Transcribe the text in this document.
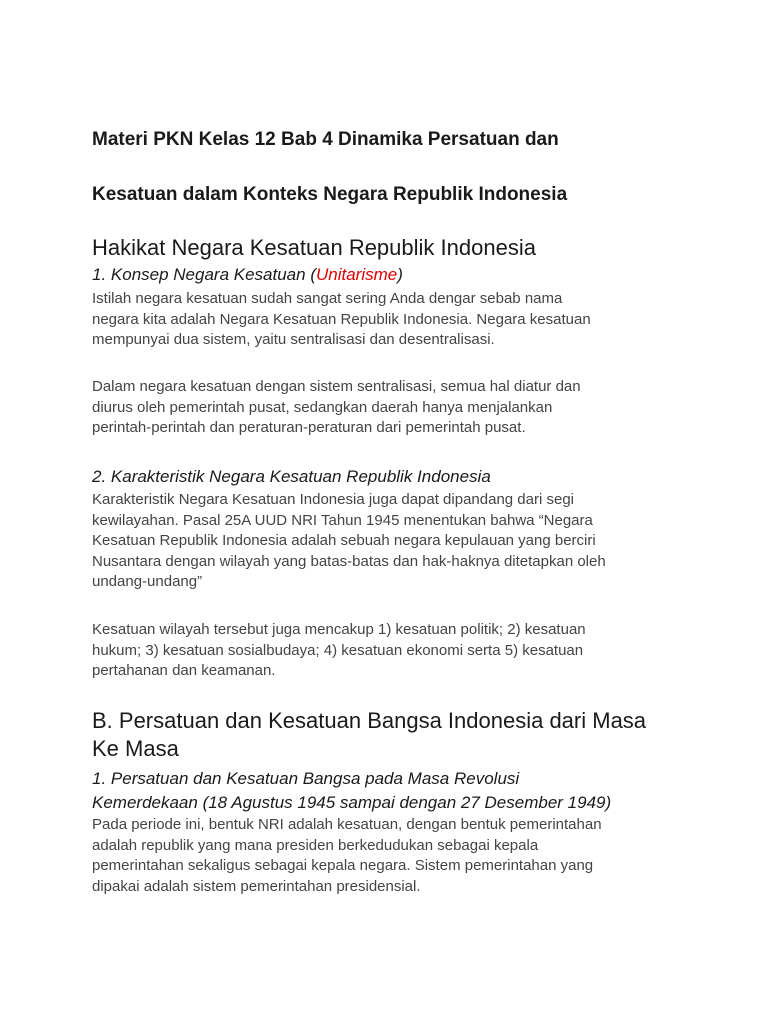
Materi PKN Kelas 12 Bab 4 Dinamika Persatuan dan
Kesatuan dalam Konteks Negara Republik Indonesia
Hakikat Negara Kesatuan Republik Indonesia
1. Konsep Negara Kesatuan (Unitarisme)

Istilah negara kesatuan sudah sangat sering Anda dengar sebab nama
negara kita adalah Negara Kesatuan Republik Indonesia. Negara kesatuan
mempunyai dua sistem, yaitu sentralisasi dan desentralisasi.

Dalam negara kesatuan dengan sistem sentralisasi, semua hal diatur dan
diurus oleh pemerintah pusat, sedangkan daerah hanya menjalankan
perintah-perintah dan peraturan-peraturan dari pemerintah pusat.

2. Karakteristik Negara Kesatuan Republik Indonesia

Karakteristik Negara Kesatuan Indonesia juga dapat dipandang dari segi
kewilayahan. Pasal 25A UUD NRI Tahun 1945 menentukan bahwa “Negara
Kesatuan Republik Indonesia adalah sebuah negara kepulauan yang berciri
Nusantara dengan wilayah yang batas-batas dan hak-haknya ditetapkan oleh
undang-undang”

Kesatuan wilayah tersebut juga mencakup 1) kesatuan politik; 2) kesatuan
hukum; 3) kesatuan sosialbudaya; 4) kesatuan ekonomi serta 5) kesatuan
pertahanan dan keamanan.

B. Persatuan dan Kesatuan Bangsa Indonesia dari Masa
Ke Masa
1. Persatuan dan Kesatuan Bangsa pada Masa Revolusi
Kemerdekaan (18 Agustus 1945 sampai dengan 27 Desember 1949)

Pada periode ini, bentuk NRI adalah kesatuan, dengan bentuk pemerintahan
adalah republik yang mana presiden berkedudukan sebagai kepala
pemerintahan sekaligus sebagai kepala negara. Sistem pemerintahan yang
dipakai adalah sistem pemerintahan presidensial.
